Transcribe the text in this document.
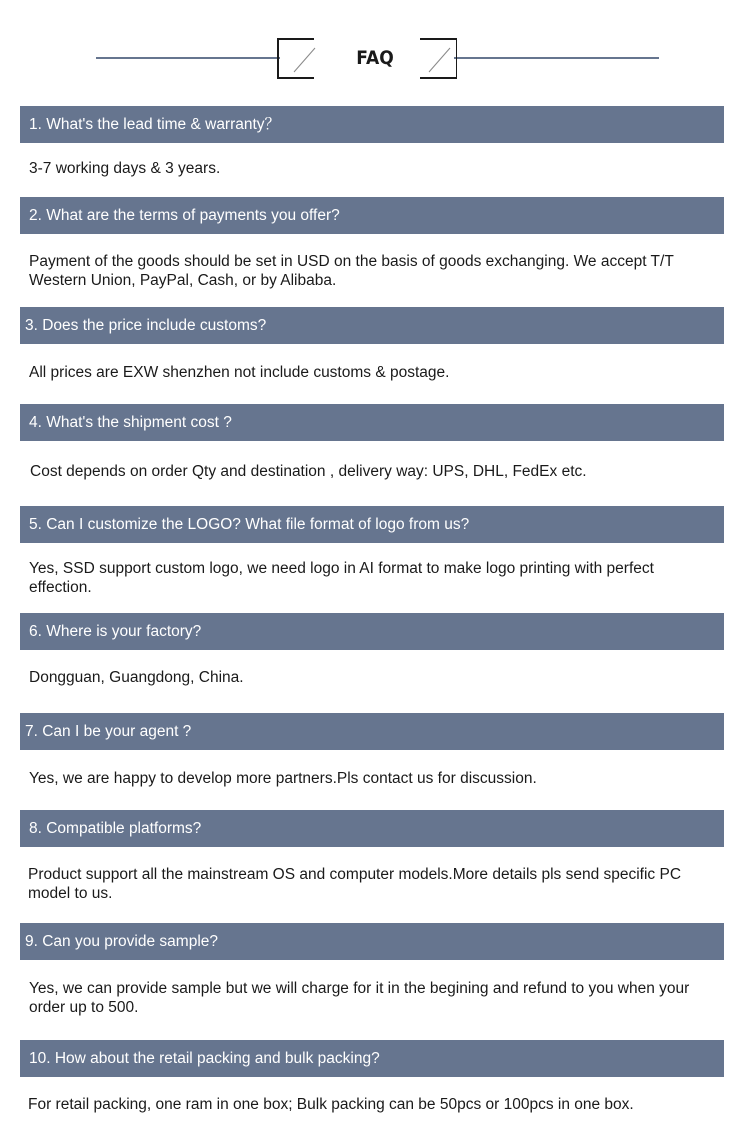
FAQ
1. What's the lead time & warranty？
3-7 working days & 3 years.
2. What are the terms of payments you offer?
Payment of the goods should be set in USD on the basis of goods exchanging. We accept T/T Western Union, PayPal, Cash, or by Alibaba.
3. Does the price include customs?
All prices are EXW shenzhen not include customs & postage.
4. What's the shipment cost ?
Cost depends on order Qty and destination , delivery way: UPS, DHL, FedEx etc.
5. Can I customize the LOGO? What file format of logo from us?
Yes, SSD support custom logo, we need logo in AI format to make logo printing with perfect effection.
6. Where is your factory?
Dongguan, Guangdong, China.
7. Can I be your agent ?
Yes, we are happy to develop more partners.Pls contact us for discussion.
8. Compatible platforms?
Product support all the mainstream OS and computer models.More details pls send specific PC model to us.
9. Can you provide sample?
Yes, we can provide sample but we will charge for it in the begining and refund to you when your order up to 500.
10. How about the retail packing and bulk packing?
For retail packing, one ram in one box; Bulk packing can be 50pcs or 100pcs in one box.
